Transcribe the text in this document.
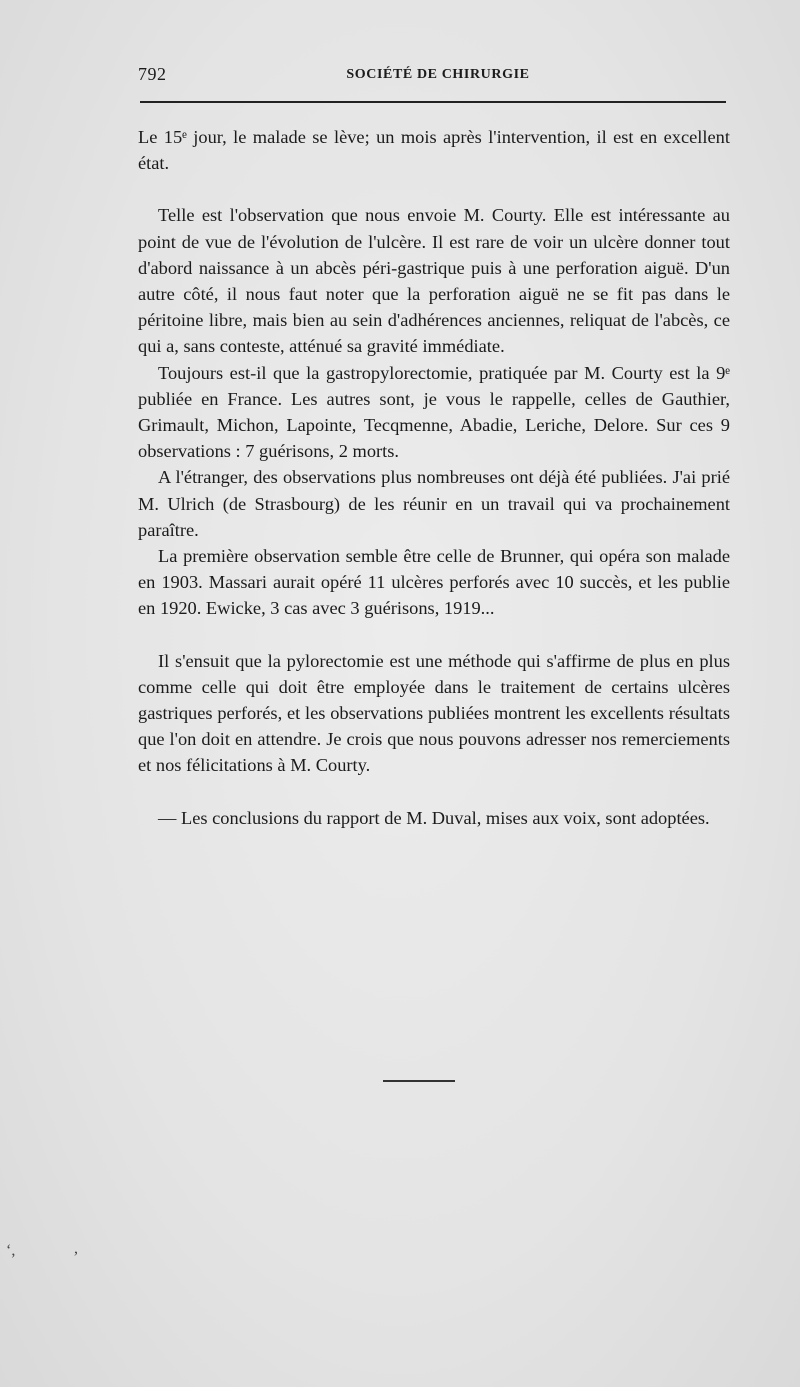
792	SOCIÉTÉ DE CHIRURGIE

Le 15ᵉ jour, le malade se lève; un mois après l'intervention, il est en excellent état.

Telle est l'observation que nous envoie M. Courty. Elle est intéressante au point de vue de l'évolution de l'ulcère. Il est rare de voir un ulcère donner tout d'abord naissance à un abcès péri-gastrique puis à une perforation aiguë. D'un autre côté, il nous faut noter que la perforation aiguë ne se fit pas dans le péritoine libre, mais bien au sein d'adhérences anciennes, reliquat de l'abcès, ce qui a, sans conteste, atténué sa gravité immédiate.

Toujours est-il que la gastropylorectomie, pratiquée par M. Courty est la 9ᵉ publiée en France. Les autres sont, je vous le rappelle, celles de Gauthier, Grimault, Michon, Lapointe, Tecqmenne, Abadie, Leriche, Delore. Sur ces 9 observations : 7 guérisons, 2 morts.

A l'étranger, des observations plus nombreuses ont déjà été publiées. J'ai prié M. Ulrich (de Strasbourg) de les réunir en un travail qui va prochainement paraître.

La première observation semble être celle de Brunner, qui opéra son malade en 1903. Massari aurait opéré 11 ulcères perforés avec 10 succès, et les publie en 1920. Ewicke, 3 cas avec 3 guérisons, 1919...

Il s'ensuit que la pylorectomie est une méthode qui s'affirme de plus en plus comme celle qui doit être employée dans le traitement de certains ulcères gastriques perforés, et les observations publiées montrent les excellents résultats que l'on doit en attendre. Je crois que nous pouvons adresser nos remerciements et nos félicitations à M. Courty.

— Les conclusions du rapport de M. Duval, mises aux voix, sont adoptées.

‘,	,
